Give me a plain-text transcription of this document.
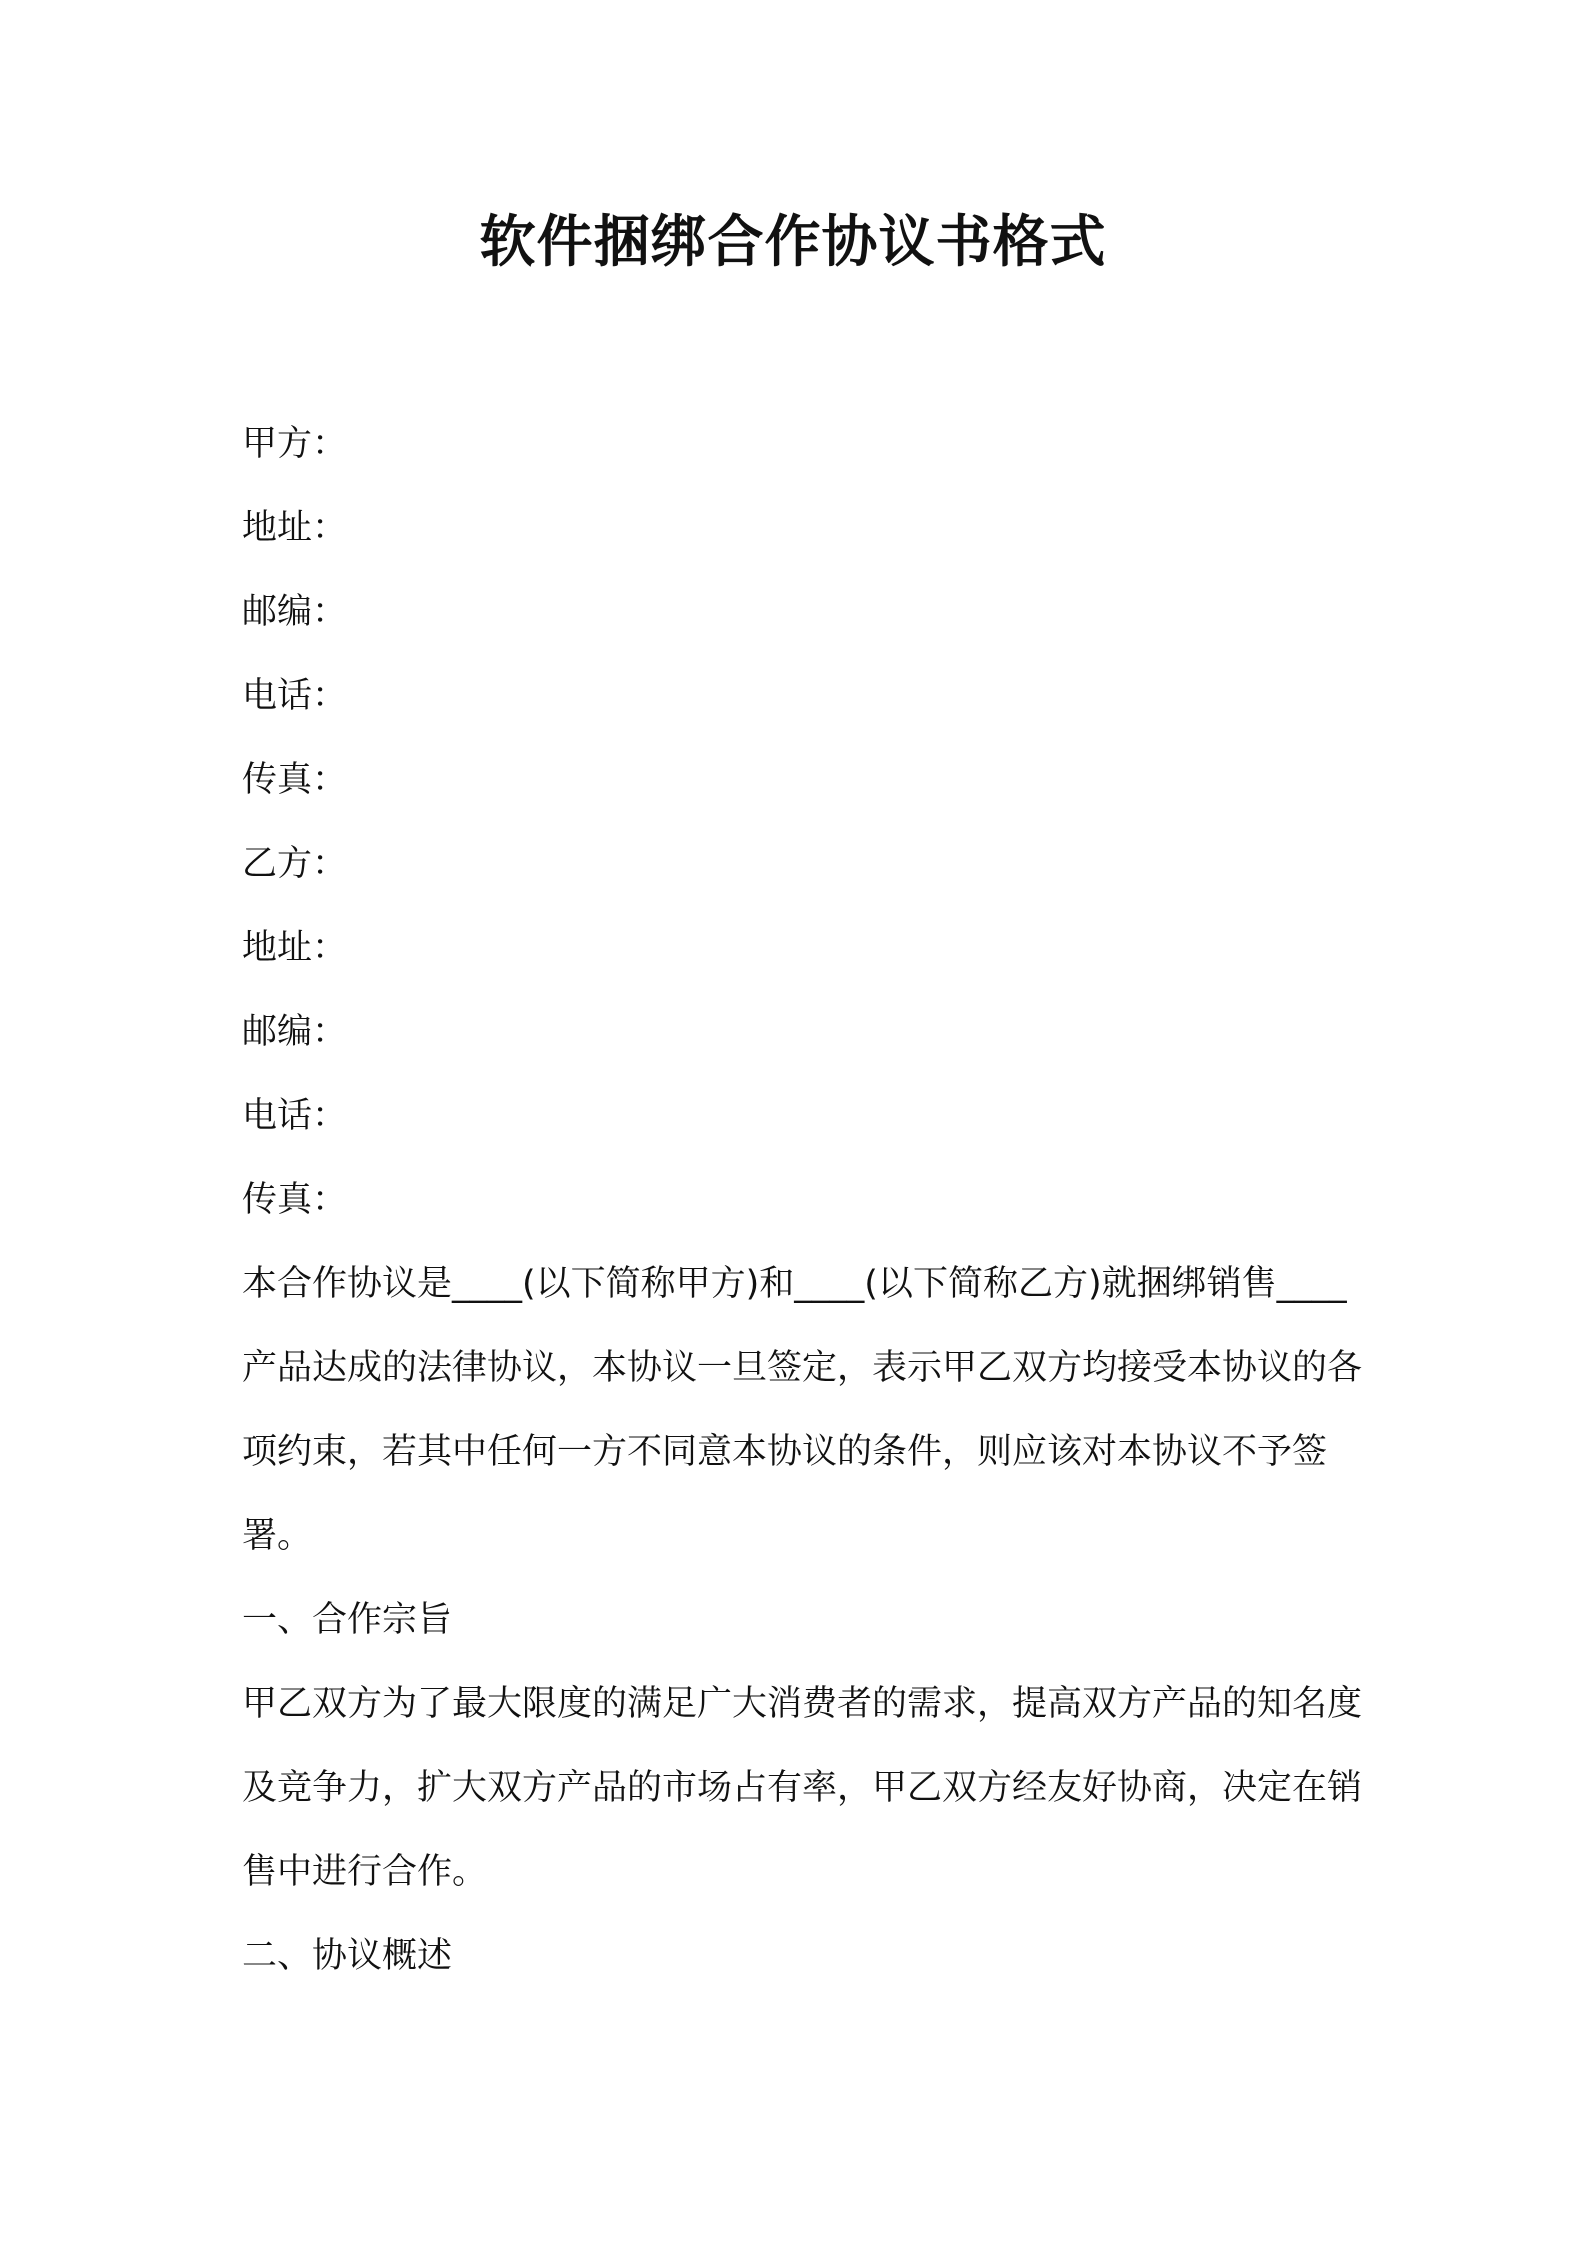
软件捆绑合作协议书格式

甲方：

地址：

邮编：

电话：

传真：

乙方：

地址：

邮编：

电话：

传真：

本合作协议是____(以下简称甲方)和____(以下简称乙方)就捆绑销售____产品达成的法律协议，本协议一旦签定，表示甲乙双方均接受本协议的各项约束，若其中任何一方不同意本协议的条件，则应该对本协议不予签署。

一、合作宗旨

甲乙双方为了最大限度的满足广大消费者的需求，提高双方产品的知名度及竞争力，扩大双方产品的市场占有率，甲乙双方经友好协商，决定在销售中进行合作。

二、协议概述
